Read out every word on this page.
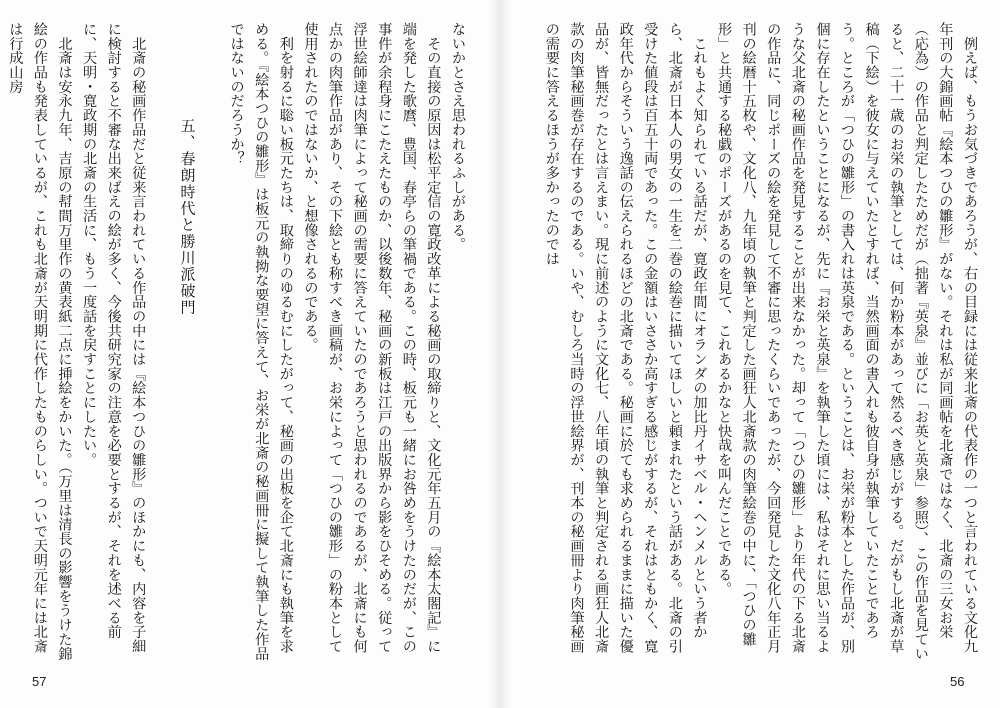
　例えば、もうお気づきであろうが、右の目録には従来北斎の代表作の一つと言われている文化九年刊の大錦画帖『絵本つひの雛形』がない。それは私が同画帖を北斎ではなく、北斎の三女お栄（応為）の作品と判定したためだが（拙著『英泉』並びに「お英と英泉」参照）、この作品を見ていると、二十一歳のお栄の執筆としては、何か粉本があって然るべき感じがする。だがもし北斎が草稿（下絵）を彼女に与えていたとすれば、当然画面の書入れも彼自身が執筆していたことであろう。ところが「つひの雛形」の書入れは英泉である。ということは、お栄が粉本とした作品が、別個に存在したということになるが、先に『お栄と英泉』を執筆した頃には、私はそれに思い当るような父北斎の秘画作品を発見することが出来なかった。却って「つひの雛形」より年代の下る北斎の作品に、同じポーズの絵を発見して不審に思ったくらいであったが、今回発見した文化八年正月刊の絵暦十五枚や、文化八、九年頃の執筆と判定した画狂人北斎款の肉筆絵巻の中に、「つひの雛形」と共通する秘戯のポーズがあるのを見て、これあるかなと快哉を叫んだことである。
　これもよく知られている話だが、寛政年間にオランダの加比丹イサベル・ヘンメルという者から、北斎が日本人の男女の一生を二巻の絵巻に描いてほしいと頼まれたという話がある。北斎の引受けた値段は百五十両であった。この金額はいささか高すぎる感じがするが、それはともかく、寛政年代からそういう逸話の伝えられるほどの北斎である。秘画に於ても求められるままに描いた優品が、皆無だったとは言えまい。現に前述のように文化七、八年頃の執筆と判定される画狂人北斎款の肉筆秘画巻が存在するのである。いや、むしろ当時の浮世絵界が、刊本の秘画冊より肉筆秘画の需要に答えるほうが多かったのでは
ないかとさえ思われるふしがある。
　その直接の原因は松平定信の寛政改革による秘画の取締りと、文化元年五月の『絵本太閤記』に端を発した歌麿、豊国、春亭らの筆禍である。この時、板元も一緒にお咎めをうけたのだが、この事件が余程身にこたえたものか、以後数年、秘画の新板は江戸の出版界から影をひそめる。従って浮世絵師達は肉筆によって秘画の需要に答えていたのであろうと思われるのであるが、北斎にも何点かの肉筆作品があり、その下絵とも称すべき画稿が、お栄によって「つひの雛形」の粉本として使用されたのではないか、と想像されるのである。
　利を射るに聡い板元たちは、取締りのゆるむにしたがって、秘画の出板を企て北斎にも執筆を求める。『絵本つひの雛形』は板元の執拗な要望に答えて、お栄が北斎の秘画冊に擬して執筆した作品ではないのだろうか？

五、春朗時代と勝川派破門

　北斎の秘画作品だと従来言われている作品の中には『絵本つひの雛形』のほかにも、内容を子細に検討すると不審な出来ばえの絵が多く、今後共研究家の注意を必要とするが、それを述べる前に、天明・寛政期の北斎の生活に、もう一度話を戻すことにしたい。
　北斎は安永九年、吉原の幇間万里作の黄表紙二点に挿絵をかいた。（万里は清長の影響をうけた錦絵の作品も発表しているが、これも北斎が天明期に代作したものらしい。ついで天明元年には北斎は行成山房
57	56
